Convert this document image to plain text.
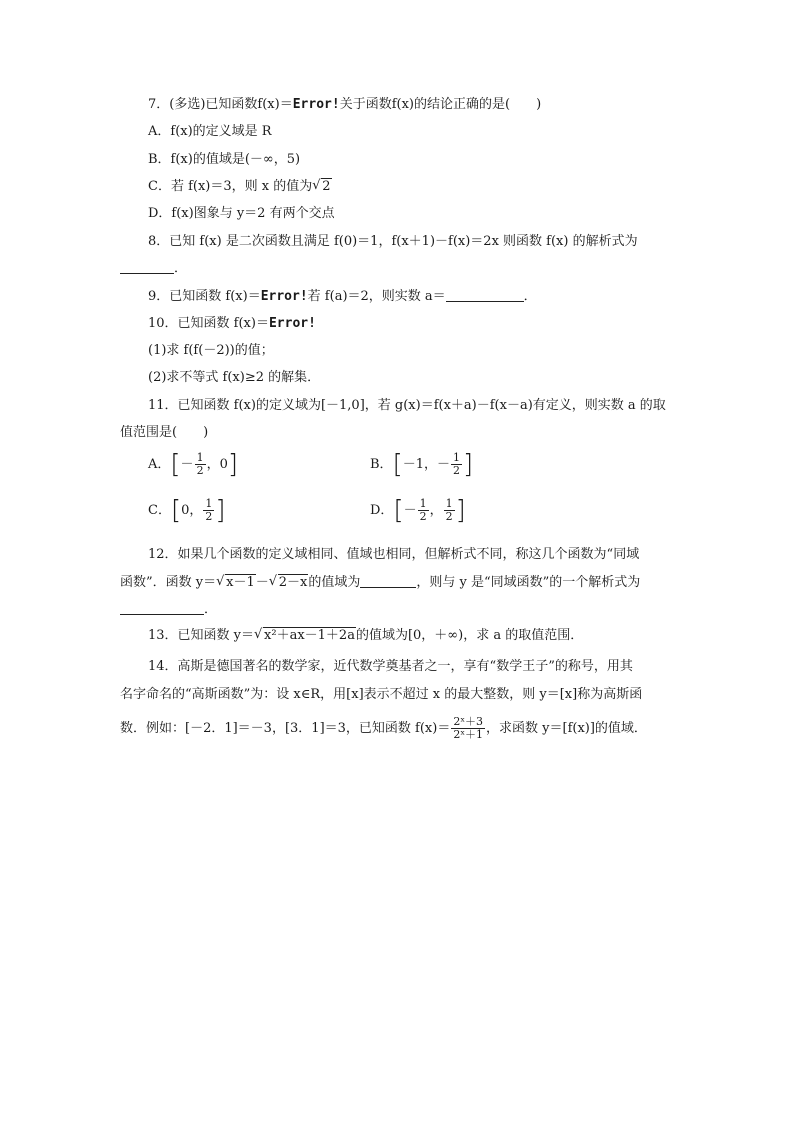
7．(多选)已知函数f(x)＝Error!关于函数f(x)的结论正确的是(　　)
A．f(x)的定义域是 R
B．f(x)的值域是(－∞，5)
C．若 f(x)＝3，则 x 的值为 √ 2
D．f(x)图象与 y＝2 有两个交点
8．已知 f(x) 是二次函数且满足 f(0)＝1，f(x＋1)－f(x)＝2x 则函数 f(x) 的解析式为
．
9．已知函数 f(x)＝Error!若 f(a)＝2，则实数 a＝	．
10．已知函数 f(x)＝Error!
(1)求 f(f(－2))的值；
(2)求不等式 f(x)≥2 的解集．
11．已知函数 f(x)的定义域为[－1,0]，若 g(x)＝f(x＋a)－f(x－a)有定义，则实数 a 的取
值范围是(　　)
A．[－ $\frac{1}{2}$ ，0]	B．[－1，－ $\frac{1}{2}$ ]
C．[0， $\frac{1}{2}$ ]	D．[－ $\frac{1}{2}$ ， $\frac{1}{2}$ ]
12．如果几个函数的定义域相同、值域也相同，但解析式不同，称这几个函数为“同域
函数”．函数 y＝ √ x－1－ √ 2－x的值域为	，则与 y 是“同域函数”的一个解析式为
．
13．已知函数 y＝ √ x²＋ax－1＋2a的值域为[0，＋∞)，求 a 的取值范围．
14．高斯是德国著名的数学家，近代数学奠基者之一，享有“数学王子”的称号，用其
名字命名的“高斯函数”为：设 x∈R，用[x]表示不超过 x 的最大整数，则 y＝[x]称为高斯函
数．例如：[－2．1]＝－3，[3．1]＝3，已知函数 $f(x)= \frac{\text{2ˣ＋3}}{\text{2ˣ＋1}}$ ，求函数 y＝[f(x)]的值域．
